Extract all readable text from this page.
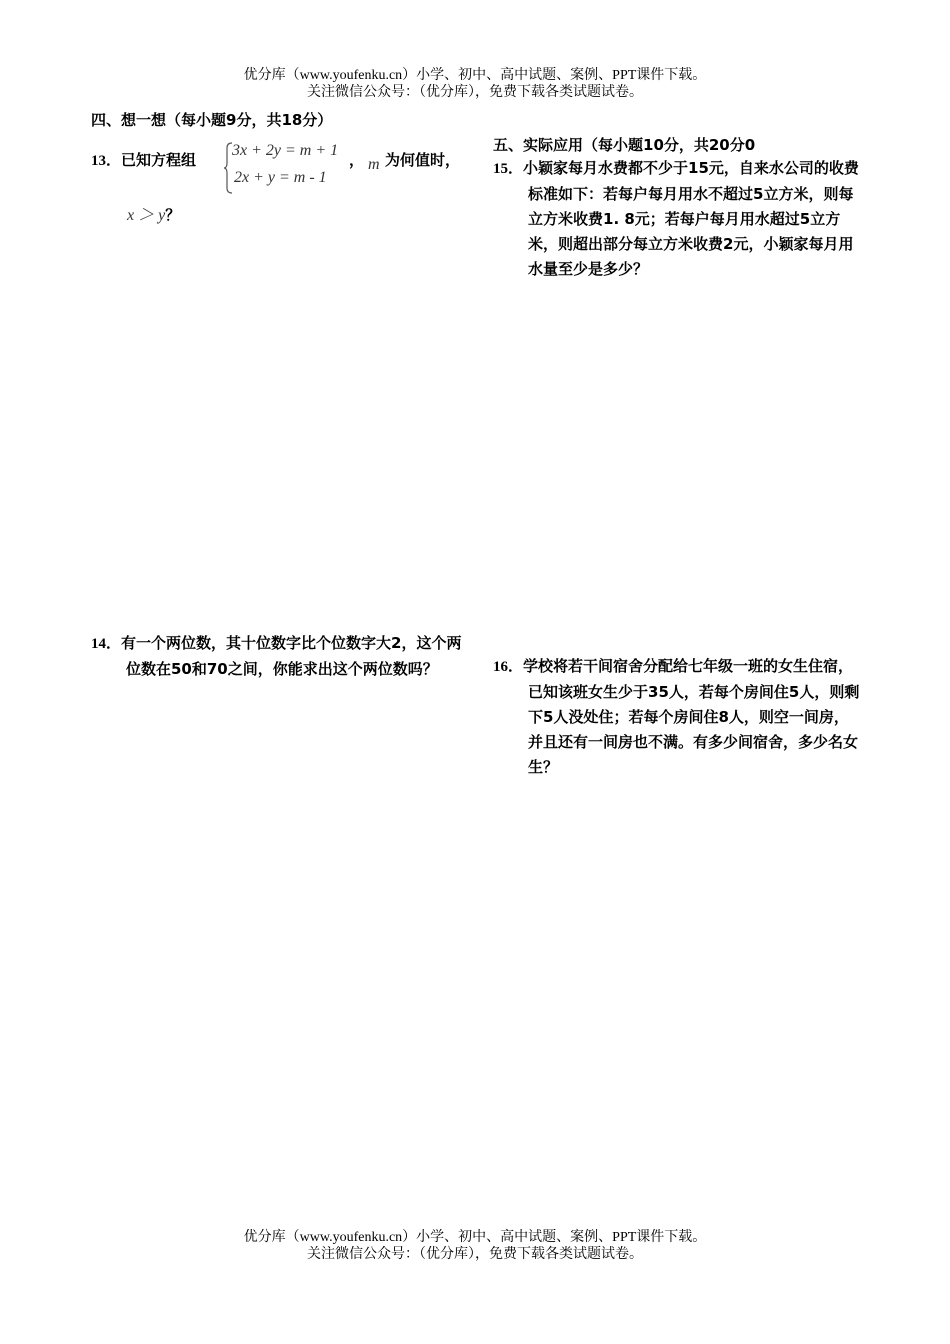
优分库（www.youfenku.cn）小学、初中、高中试题、案例、PPT课件下载。
关注微信公众号：（优分库），免费下载各类试题试卷。
四、想一想（每小题9分，共18分）
13．已知方程组
3x + 2y = m + 1
2x + y = m - 1
， m 为何值时，
x ＞ y？
14．有一个两位数，其十位数字比个位数字大2，这个两位数在50和70之间，你能求出这个两位数吗？
五、实际应用（每小题10分，共20分0
15．小颖家每月水费都不少于15元，自来水公司的收费标准如下：若每户每月用水不超过5立方米，则每立方米收费1. 8元；若每户每月用水超过5立方米，则超出部分每立方米收费2元，小颖家每月用水量至少是多少？
16．学校将若干间宿舍分配给七年级一班的女生住宿，已知该班女生少于35人，若每个房间住5人，则剩下5人没处住；若每个房间住8人，则空一间房，并且还有一间房也不满。有多少间宿舍，多少名女生？
优分库（www.youfenku.cn）小学、初中、高中试题、案例、PPT课件下载。
关注微信公众号：（优分库），免费下载各类试题试卷。
